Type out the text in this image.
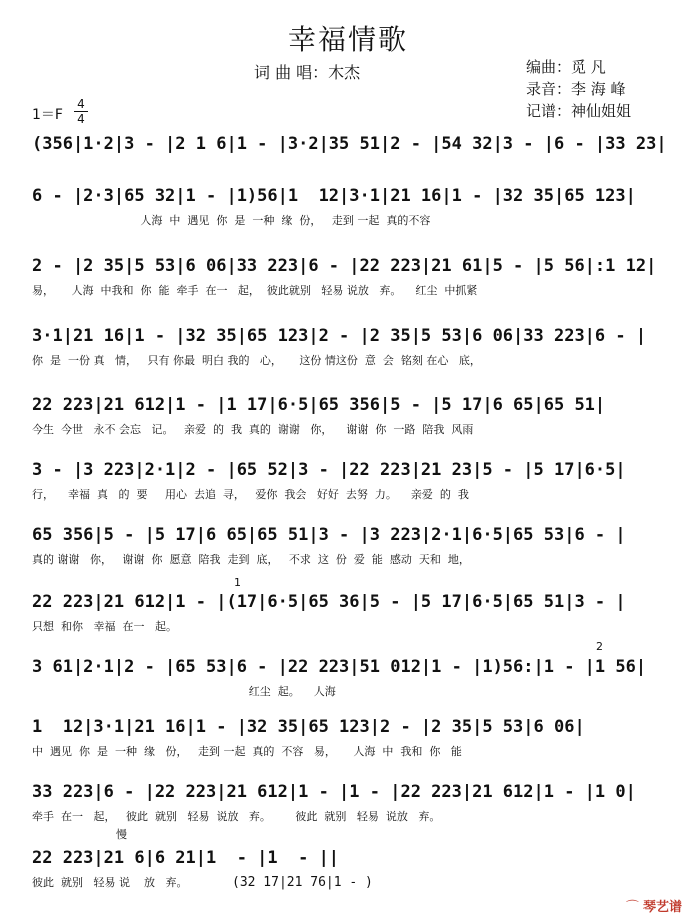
幸福情歌
词 曲 唱：木杰	编曲：觅 凡
录音：李 海 峰
记谱：神仙姐姐
1＝F
4
4
(356|1·2|3 - |2 1 6|1 - |3·2|35 51|2 - |54 32|3 - |6 - |33 23|
6 - |2·3|65 32|1 - |1)56|1  12|3·1|21 16|1 - |32 35|65 123|
人海  中  遇见  你  是  一种  缘  份，   走到 一起  真的不容
2 - |2 35|5 53|6 06|33 223|6 - |22 223|21 61|5 - |5 56|:1 12|
易，     人海  中我和  你  能  牵手  在一   起，  彼此就别   轻易 说放   弃。    红尘  中抓紧
3·1|21 16|1 - |32 35|65 123|2 - |2 35|5 53|6 06|33 223|6 - |
你  是  一份 真   情，   只有 你最  明白 我的   心，     这份 情这份  意  会  铭刻 在心   底，
22 223|21 612|1 - |1 17|6·5|65 356|5 - |5 17|6 65|65 51|
今生  今世   永不 会忘   记。   亲爱  的  我  真的  谢谢   你，    谢谢  你  一路  陪我  风雨
3 - |3 223|2·1|2 - |65 52|3 - |22 223|21 23|5 - |5 17|6·5|
行，    幸福  真   的  要     用心  去追  寻，   爱你  我会   好好  去努  力。    亲爱  的  我
65 356|5 - |5 17|6 65|65 51|3 - |3 223|2·1|6·5|65 53|6 - |
真的 谢谢   你，   谢谢  你  愿意  陪我  走到  底，   不求  这  份  爱  能  感动  天和  地，
1
22 223|21 612|1 - |(17|6·5|65 36|5 - |5 17|6·5|65 51|3 - |
只想  和你   幸福  在一   起。
2
3 61|2·1|2 - |65 53|6 - |22 223|51 012|1 - |1)56:|1 - |1 56|
红尘  起。    人海
1  12|3·1|21 16|1 - |32 35|65 123|2 - |2 35|5 53|6 06|
中  遇见  你  是  一种  缘   份，   走到 一起  真的  不容   易，     人海  中  我和  你   能
33 223|6 - |22 223|21 612|1 - |1 - |22 223|21 612|1 - |1 0|
牵手  在一   起，   彼此  就别   轻易  说放   弃。       彼此  就别   轻易  说放   弃。
慢
22 223|21 6|6 21|1  - |1  - ||
彼此  就别   轻易 说    放   弃。	(32 17|21 76|1 - )
⌒ 琴艺谱
